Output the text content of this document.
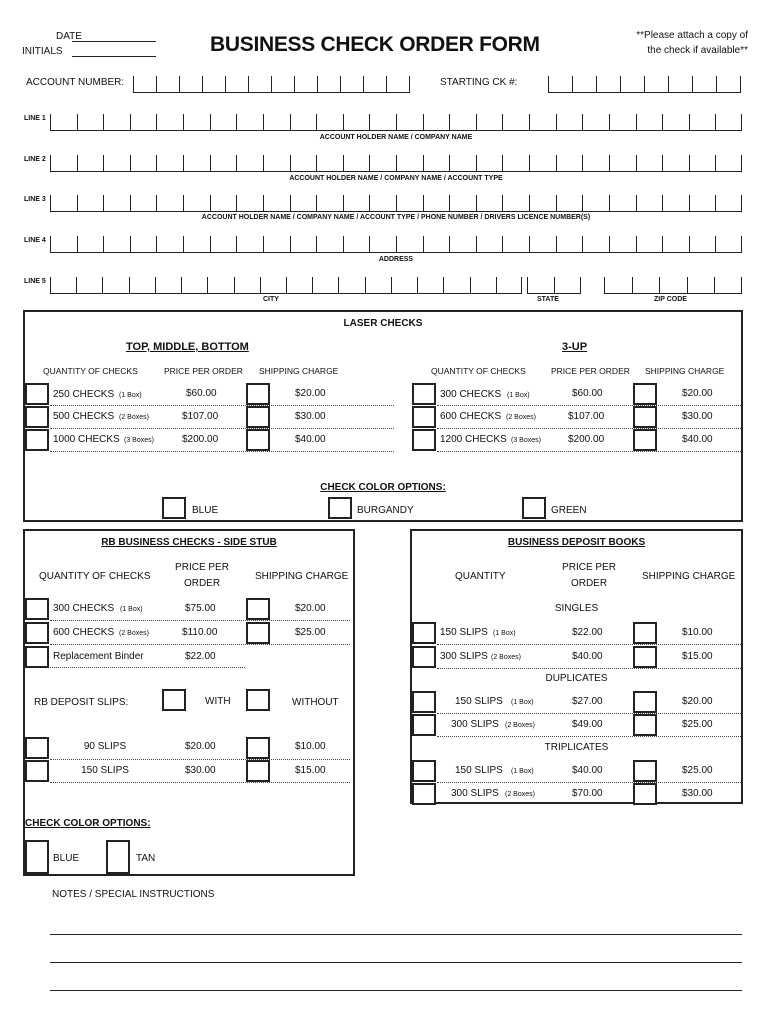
DATE
INITIALS	BUSINESS CHECK ORDER FORM	**Please attach a copy of
the check if available**
ACCOUNT NUMBER:	STARTING CK #:
LINE 1
LINE 2
LINE 3
LINE 4
LINE 5
ACCOUNT HOLDER NAME / COMPANY NAME
ACCOUNT HOLDER NAME / COMPANY NAME / ACCOUNT TYPE
ACCOUNT HOLDER NAME / COMPANY NAME / ACCOUNT TYPE / PHONE NUMBER / DRIVERS LICENCE NUMBER(S)
ADDRESS
CITY	STATE	ZIP CODE
LASER CHECKS
TOP, MIDDLE, BOTTOM	3-UP
QUANTITY OF CHECKS	PRICE PER ORDER SHIPPING CHARGE	QUANTITY OF CHECKS	PRICE PER ORDER SHIPPING CHARGE
250 CHECKS (1 Box)	$60.00	$20.00
500 CHECKS (2 Boxes)	$107.00	$30.00
1000 CHECKS (3 Boxes)	$200.00	$40.00
300 CHECKS (1 Box)	$60.00	$20.00
600 CHECKS (2 Boxes)	$107.00	$30.00
1200 CHECKS (3 Boxes)	$200.00	$40.00
CHECK COLOR OPTIONS:
BLUE	BURGANDY	GREEN
RB BUSINESS CHECKS - SIDE STUB
QUANTITY OF CHECKS
PRICE PER
ORDER
SHIPPING CHARGE
300 CHECKS (1 Box)	$75.00	$20.00
600 CHECKS (2 Boxes)	$110.00	$25.00
Replacement Binder	$22.00
RB DEPOSIT SLIPS:	WITH	WITHOUT
90 SLIPS	$20.00	$10.00
150 SLIPS	$30.00	$15.00
CHECK COLOR OPTIONS:
BLUE	TAN
BUSINESS DEPOSIT BOOKS
QUANTITY
PRICE PER
ORDER
SHIPPING CHARGE
SINGLES
150 SLIPS (1 Box)	$22.00	$10.00
300 SLIPS (2 Boxes)	$40.00	$15.00
DUPLICATES
150 SLIPS (1 Box)	$27.00	$20.00
300 SLIPS (2 Boxes)	$49.00	$25.00
TRIPLICATES
150 SLIPS (1 Box)	$40.00	$25.00
300 SLIPS (2 Boxes)	$70.00	$30.00
NOTES / SPECIAL INSTRUCTIONS
